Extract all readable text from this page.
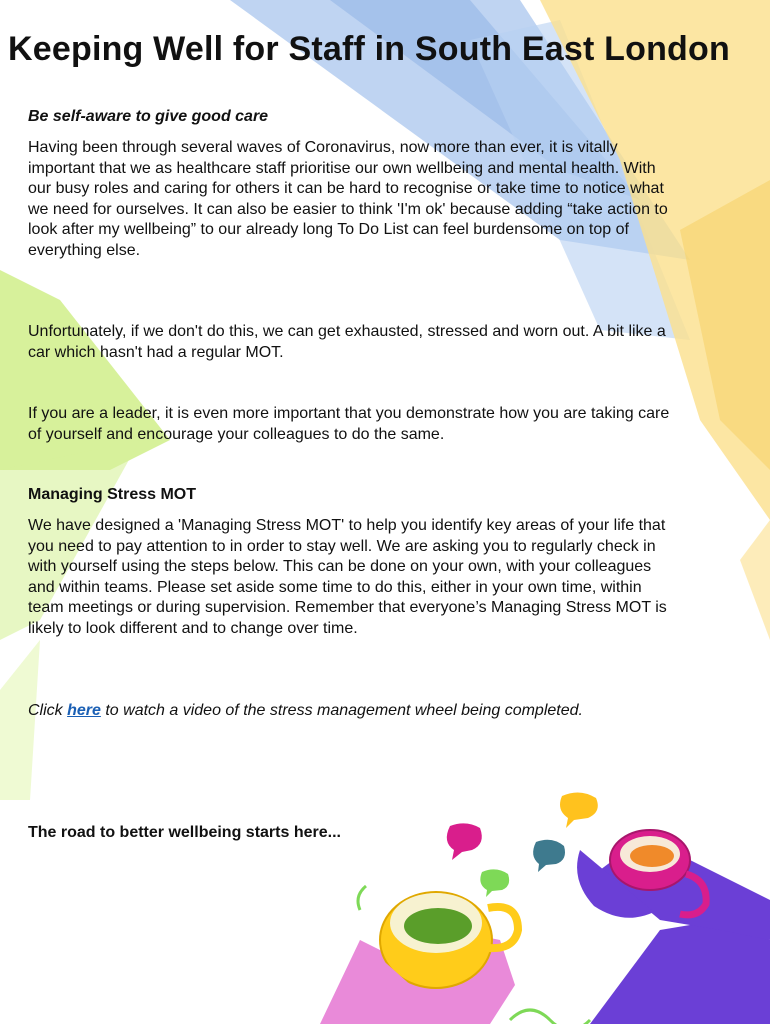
Keeping Well for Staff in South East London
Be self-aware to give good care
Having been through several waves of Coronavirus, now more than ever, it is vitally important that we as healthcare staff prioritise our own wellbeing and mental health. With our busy roles and caring for others it can be hard to recognise or take time to notice what we need for ourselves. It can also be easier to think 'I'm ok' because adding “take action to look after my wellbeing” to our already long To Do List can feel burdensome on top of everything else.
Unfortunately, if we don't do this, we can get exhausted, stressed and worn out. A bit like a car which hasn't had a regular MOT.
If you are a leader, it is even more important that you demonstrate how you are taking care of yourself and encourage your colleagues to do the same.
Managing Stress MOT
We have designed a 'Managing Stress MOT' to help you identify key areas of your life that you need to pay attention to in order to stay well. We are asking you to regularly check in with yourself using the steps below. This can be done on your own, with your colleagues and within teams. Please set aside some time to do this, either in your own time, within team meetings or during supervision. Remember that everyone’s Managing Stress MOT is likely to look different and to change over time.
Click here to watch a video of the stress management wheel being completed.
The road to better wellbeing starts here...
